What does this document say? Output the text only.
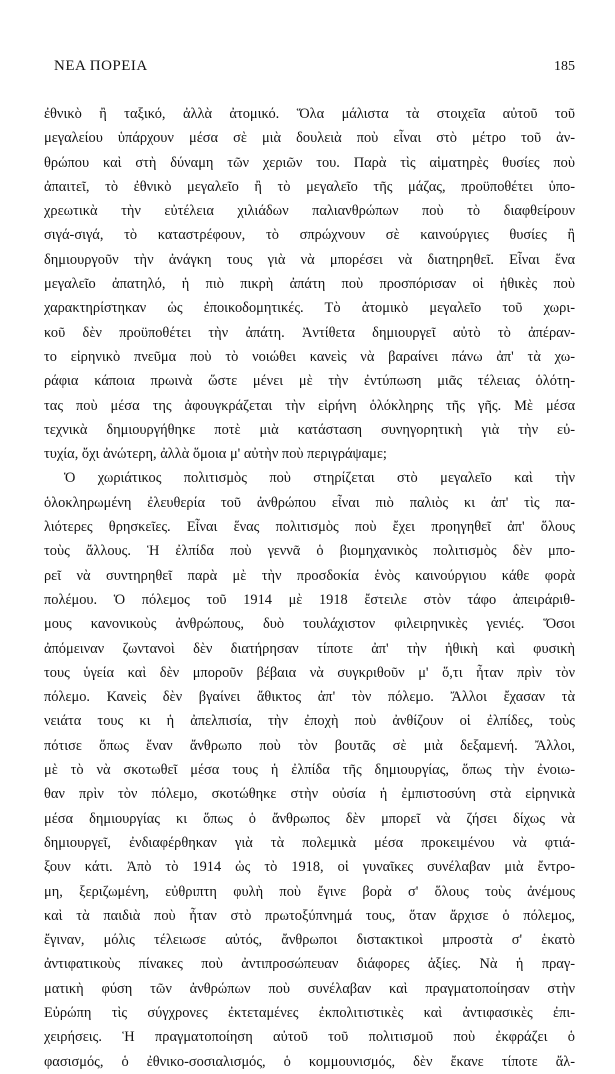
ΝΕΑ ΠΟΡΕΙΑ	185
ἐθνικὸ ἢ ταξικό, ἀλλὰ ἀτομικό. Ὅλα μάλιστα τὰ στοιχεῖα αὐτοῦ τοῦ
μεγαλείου ὑπάρχουν μέσα σὲ μιὰ δουλειὰ ποὺ εἶναι στὸ μέτρο τοῦ ἀν-
θρώπου καὶ στὴ δύναμη τῶν χεριῶν του. Παρὰ τὶς αἱματηρὲς θυσίες ποὺ
ἀπαιτεῖ, τὸ ἐθνικὸ μεγαλεῖο ἢ τὸ μεγαλεῖο τῆς μάζας, προϋποθέτει ὑπο-
χρεωτικὰ τὴν εὐτέλεια χιλιάδων παλιανθρώπων ποὺ τὸ διαφθείρουν
σιγά-σιγά, τὸ καταστρέφουν, τὸ σπρώχνουν σὲ καινούργιες θυσίες ἢ
δημιουργοῦν τὴν ἀνάγκη τους γιὰ νὰ μπορέσει νὰ διατηρηθεῖ. Εἶναι ἕνα
μεγαλεῖο ἀπατηλό, ἡ πιὸ πικρὴ ἀπάτη ποὺ προσπόρισαν οἱ ἠθικὲς ποὺ
χαρακτηρίστηκαν ὡς ἐποικοδομητικές. Τὸ ἀτομικὸ μεγαλεῖο τοῦ χωρι-
κοῦ δὲν προϋποθέτει τὴν ἀπάτη. Ἀντίθετα δημιουργεῖ αὐτὸ τὸ ἀπέραν-
το εἰρηνικὸ πνεῦμα ποὺ τὸ νοιώθει κανεὶς νὰ βαραίνει πάνω ἀπ' τὰ χω-
ράφια κάποια πρωινὰ ὥστε μένει μὲ τὴν ἐντύπωση μιᾶς τέλειας ὁλότη-
τας ποὺ μέσα της ἀφουγκράζεται τὴν εἰρήνη ὁλόκληρης τῆς γῆς. Μὲ μέσα
τεχνικὰ δημιουργήθηκε ποτὲ μιὰ κατάσταση συνηγορητικὴ γιὰ τὴν εὐ-
τυχία, ὄχι ἀνώτερη, ἀλλὰ ὅμοια μ' αὐτὴν ποὺ περιγράψαμε;
Ὁ χωριάτικος πολιτισμὸς ποὺ στηρίζεται στὸ μεγαλεῖο καὶ τὴν
ὁλοκληρωμένη ἐλευθερία τοῦ ἀνθρώπου εἶναι πιὸ παλιὸς κι ἀπ' τὶς πα-
λιότερες θρησκεῖες. Εἶναι ἕνας πολιτισμὸς ποὺ ἔχει προηγηθεῖ ἀπ' ὅλους
τοὺς ἄλλους. Ἡ ἐλπίδα ποὺ γεννᾶ ὁ βιομηχανικὸς πολιτισμὸς δὲν μπο-
ρεῖ νὰ συντηρηθεῖ παρὰ μὲ τὴν προσδοκία ἑνὸς καινούργιου κάθε φορὰ
πολέμου. Ὁ πόλεμος τοῦ 1914 μὲ 1918 ἔστειλε στὸν τάφο ἀπειράριθ-
μους κανονικοὺς ἀνθρώπους, δυὸ τουλάχιστον φιλειρηνικὲς γενιές. Ὅσοι
ἀπόμειναν ζωντανοὶ δὲν διατήρησαν τίποτε ἀπ' τὴν ἠθικὴ καὶ φυσικὴ
τους ὑγεία καὶ δὲν μποροῦν βέβαια νὰ συγκριθοῦν μ' ὅ,τι ἦταν πρὶν τὸν
πόλεμο. Κανεὶς δὲν βγαίνει ἄθικτος ἀπ' τὸν πόλεμο. Ἄλλοι ἔχασαν τὰ
νειάτα τους κι ἡ ἀπελπισία, τὴν ἐποχὴ ποὺ ἀνθίζουν οἱ ἐλπίδες, τοὺς
πότισε ὅπως ἕναν ἄνθρωπο ποὺ τὸν βουτᾶς σὲ μιὰ δεξαμενή. Ἄλλοι,
μὲ τὸ νὰ σκοτωθεῖ μέσα τους ἡ ἐλπίδα τῆς δημιουργίας, ὅπως τὴν ἐνοιω-
θαν πρὶν τὸν πόλεμο, σκοτώθηκε στὴν οὐσία ἡ ἐμπιστοσύνη στὰ εἰρηνικὰ
μέσα δημιουργίας κι ὅπως ὁ ἄνθρωπος δὲν μπορεῖ νὰ ζήσει δίχως νὰ
δημιουργεῖ, ἐνδιαφέρθηκαν γιὰ τὰ πολεμικὰ μέσα προκειμένου νὰ φτιά-
ξουν κάτι. Ἀπὸ τὸ 1914 ὡς τὸ 1918, οἱ γυναῖκες συνέλαβαν μιὰ ἔντρο-
μη, ξεριζωμένη, εὐθριπτη φυλὴ ποὺ ἔγινε βορὰ σ' ὅλους τοὺς ἀνέμους
καὶ τὰ παιδιὰ ποὺ ἦταν στὸ πρωτοξύπνημά τους, ὅταν ἄρχισε ὁ πόλεμος,
ἔγιναν, μόλις τέλειωσε αὐτός, ἄνθρωποι διστακτικοὶ μπροστὰ σ' ἑκατὸ
ἀντιφατικοὺς πίνακες ποὺ ἀντιπροσώπευαν διάφορες ἀξίες. Νὰ ἡ πραγ-
ματικὴ φύση τῶν ἀνθρώπων ποὺ συνέλαβαν καὶ πραγματοποίησαν στὴν
Εὐρώπη τὶς σύγχρονες ἐκτεταμένες ἐκπολιτιστικὲς καὶ ἀντιφασικὲς ἐπι-
χειρήσεις. Ἡ πραγματοποίηση αὐτοῦ τοῦ πολιτισμοῦ ποὺ ἐκφράζει ὁ
φασισμός, ὁ ἐθνικο-σοσιαλισμός, ὁ κομμουνισμός, δὲν ἔκανε τίποτε ἄλ-
